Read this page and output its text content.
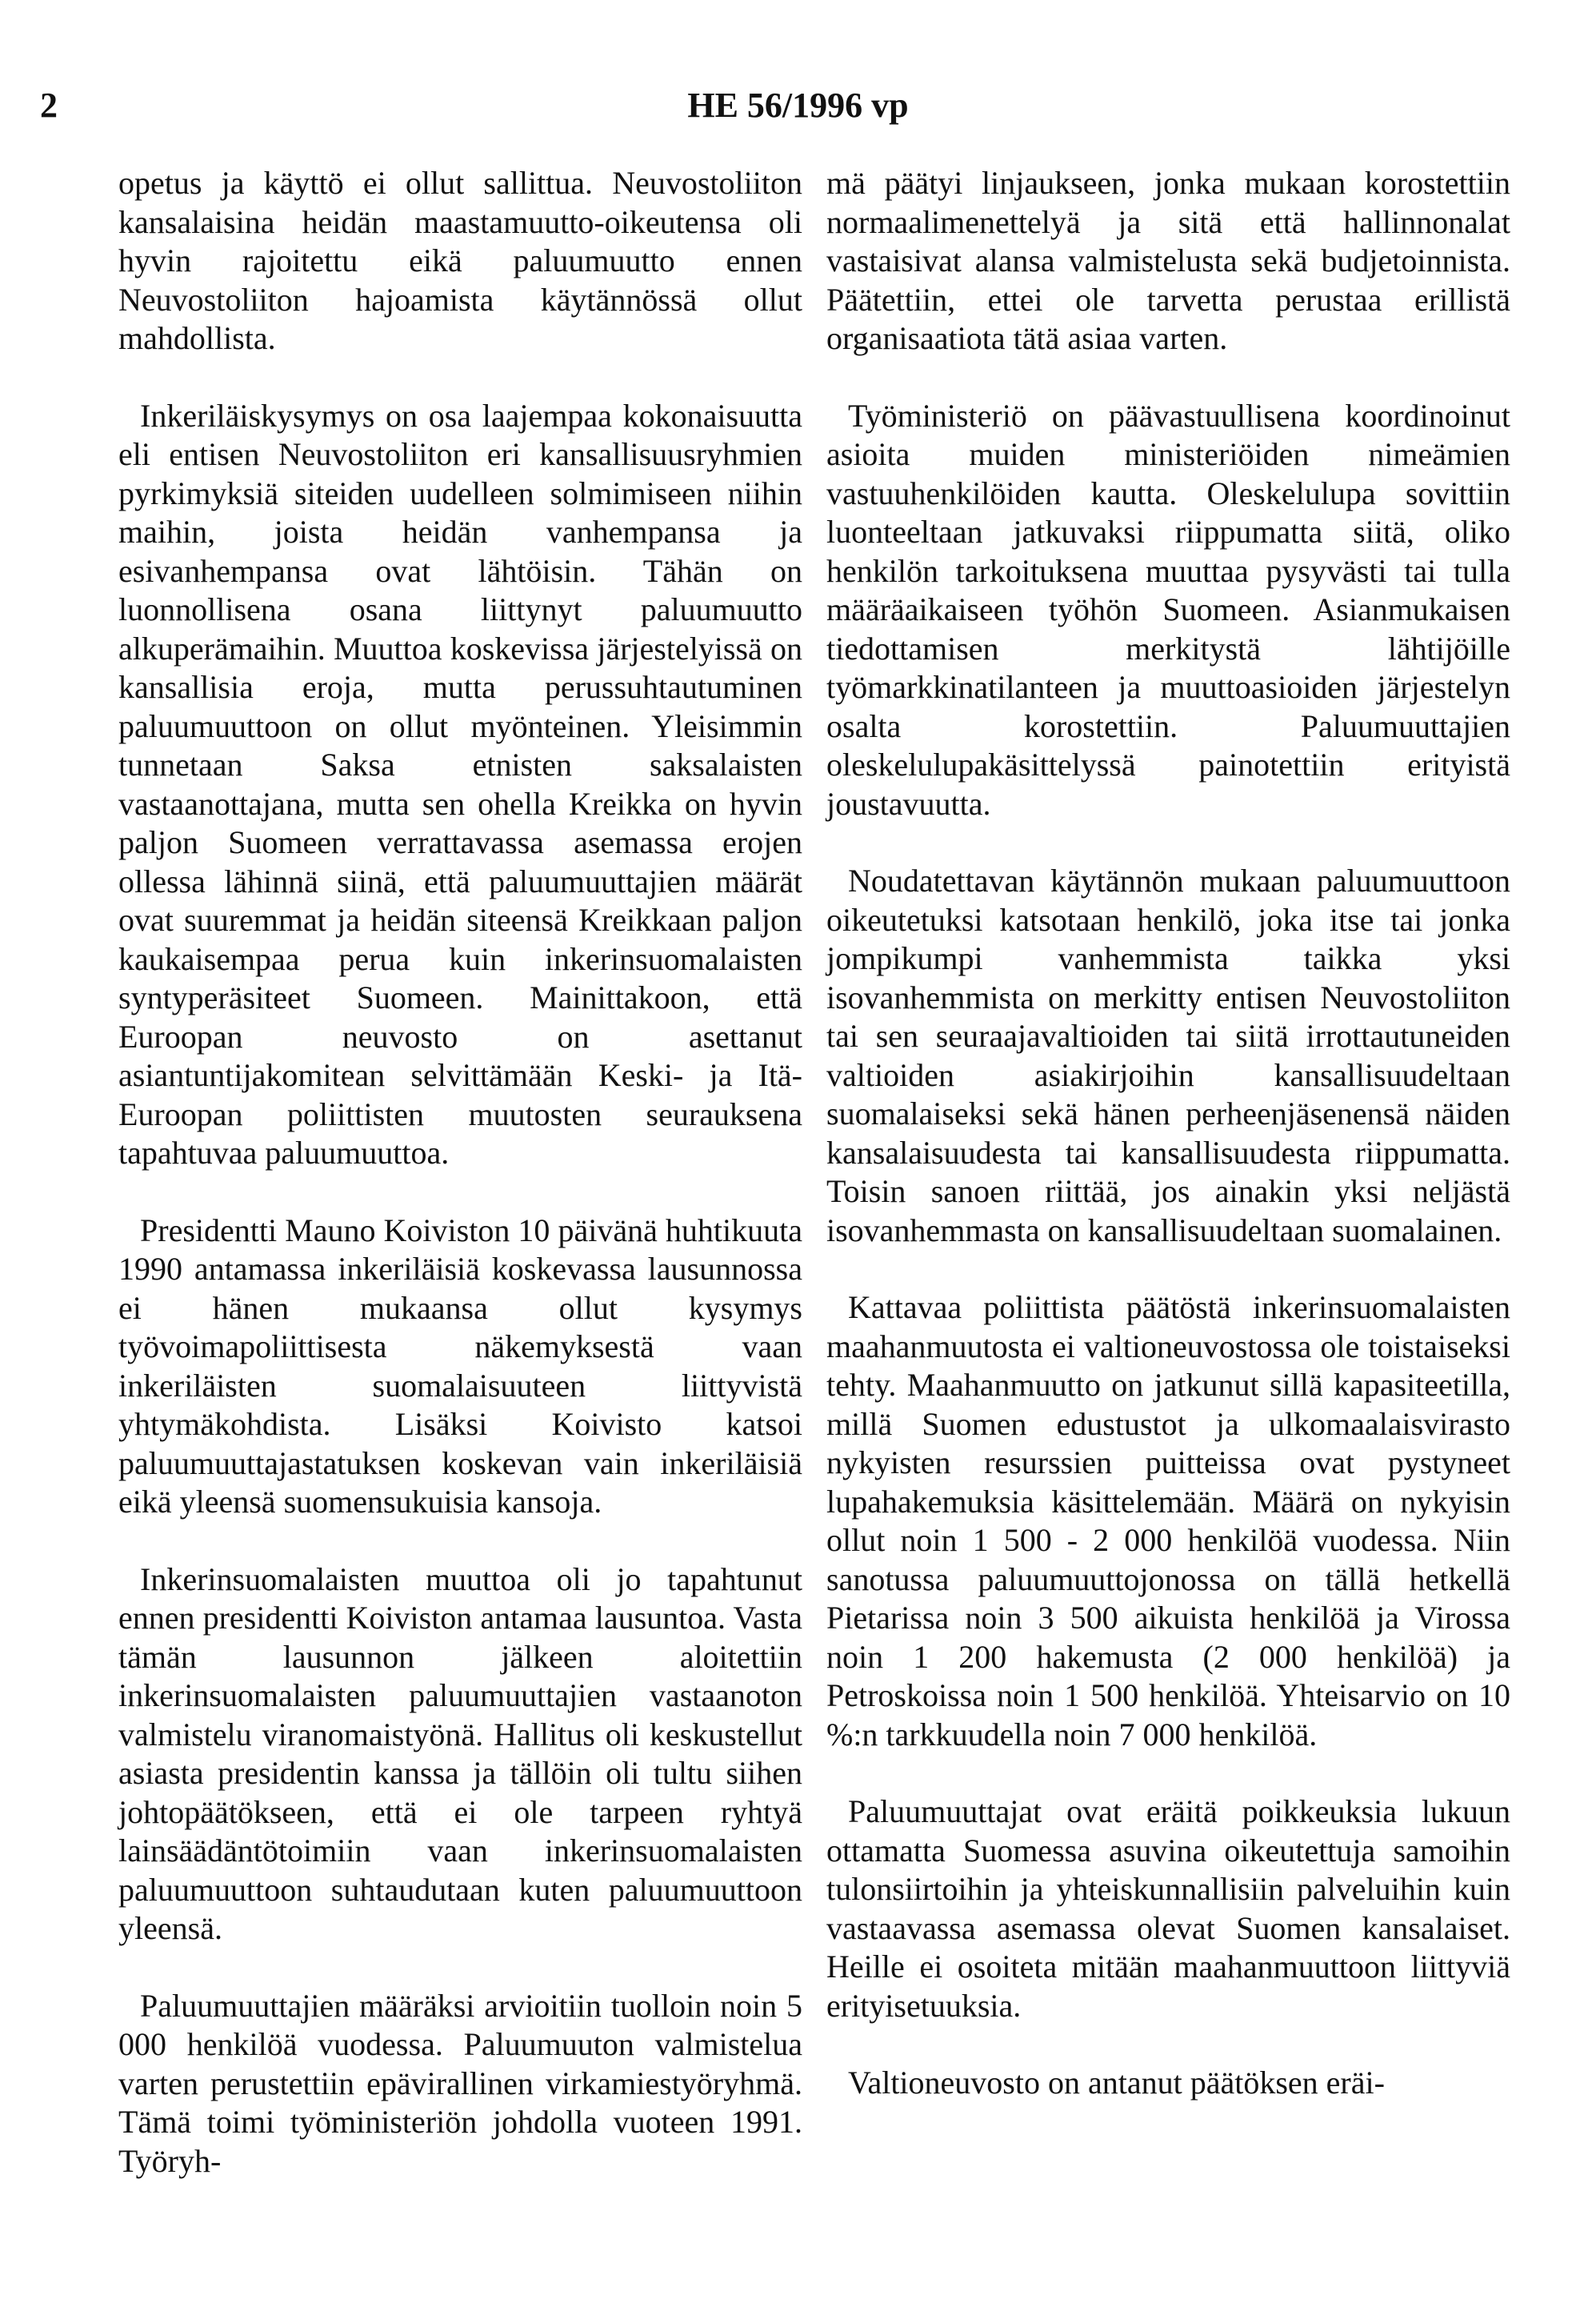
2	HE 56/1996 vp

opetus ja käyttö ei ollut sallittua. Neuvostoliiton kansalaisina heidän maastamuutto-oikeutensa oli hyvin rajoitettu eikä paluumuutto ennen Neuvostoliiton hajoamista käytännössä ollut mahdollista.

Inkeriläiskysymys on osa laajempaa kokonaisuutta eli entisen Neuvostoliiton eri kansallisuusryhmien pyrkimyksiä siteiden uudelleen solmimiseen niihin maihin, joista heidän vanhempansa ja esivanhempansa ovat lähtöisin. Tähän on luonnollisena osana liittynyt paluumuutto alkuperämaihin. Muuttoa koskevissa järjestelyissä on kansallisia eroja, mutta perussuhtautuminen paluumuuttoon on ollut myönteinen. Yleisimmin tunnetaan Saksa etnisten saksalaisten vastaanottajana, mutta sen ohella Kreikka on hyvin paljon Suomeen verrattavassa asemassa erojen ollessa lähinnä siinä, että paluumuuttajien määrät ovat suuremmat ja heidän siteensä Kreikkaan paljon kaukaisempaa perua kuin inkerinsuomalaisten syntyperäsiteet Suomeen. Mainittakoon, että Euroopan neuvosto on asettanut asiantuntijakomitean selvittämään Keski- ja Itä-Euroopan poliittisten muutosten seurauksena tapahtuvaa paluumuuttoa.

Presidentti Mauno Koiviston 10 päivänä huhtikuuta 1990 antamassa inkeriläisiä koskevassa lausunnossa ei hänen mukaansa ollut kysymys työvoimapoliittisesta näkemyksestä vaan inkeriläisten suomalaisuuteen liittyvistä yhtymäkohdista. Lisäksi Koivisto katsoi paluumuuttajastatuksen koskevan vain inkeriläisiä eikä yleensä suomensukuisia kansoja.

Inkerinsuomalaisten muuttoa oli jo tapahtunut ennen presidentti Koiviston antamaa lausuntoa. Vasta tämän lausunnon jälkeen aloitettiin inkerinsuomalaisten paluumuuttajien vastaanoton valmistelu viranomaistyönä. Hallitus oli keskustellut asiasta presidentin kanssa ja tällöin oli tultu siihen johtopäätökseen, että ei ole tarpeen ryhtyä lainsäädäntötoimiin vaan inkerinsuomalaisten paluumuuttoon suhtaudutaan kuten paluumuuttoon yleensä.

Paluumuuttajien määräksi arvioitiin tuolloin noin 5 000 henkilöä vuodessa. Paluumuuton valmistelua varten perustettiin epävirallinen virkamiestyöryhmä. Tämä toimi työministeriön johdolla vuoteen 1991. Työryh-

mä päätyi linjaukseen, jonka mukaan korostettiin normaalimenettelyä ja sitä että hallinnonalat vastaisivat alansa valmistelusta sekä budjetoinnista. Päätettiin, ettei ole tarvetta perustaa erillistä organisaatiota tätä asiaa varten.

Työministeriö on päävastuullisena koordinoinut asioita muiden ministeriöiden nimeämien vastuuhenkilöiden kautta. Oleskelulupa sovittiin luonteeltaan jatkuvaksi riippumatta siitä, oliko henkilön tarkoituksena muuttaa pysyvästi tai tulla määräaikaiseen työhön Suomeen. Asianmukaisen tiedottamisen merkitystä lähtijöille työmarkkinatilanteen ja muuttoasioiden järjestelyn osalta korostettiin. Paluumuuttajien oleskelulupakäsittelyssä painotettiin erityistä joustavuutta.

Noudatettavan käytännön mukaan paluumuuttoon oikeutetuksi katsotaan henkilö, joka itse tai jonka jompikumpi vanhemmista taikka yksi isovanhemmista on merkitty entisen Neuvostoliiton tai sen seuraajavaltioiden tai siitä irrottautuneiden valtioiden asiakirjoihin kansallisuudeltaan suomalaiseksi sekä hänen perheenjäsenensä näiden kansalaisuudesta tai kansallisuudesta riippumatta. Toisin sanoen riittää, jos ainakin yksi neljästä isovanhemmasta on kansallisuudeltaan suomalainen.

Kattavaa poliittista päätöstä inkerinsuomalaisten maahanmuutosta ei valtioneuvostossa ole toistaiseksi tehty. Maahanmuutto on jatkunut sillä kapasiteetilla, millä Suomen edustustot ja ulkomaalaisvirasto nykyisten resurssien puitteissa ovat pystyneet lupahakemuksia käsittelemään. Määrä on nykyisin ollut noin 1 500 - 2 000 henkilöä vuodessa. Niin sanotussa paluumuuttojonossa on tällä hetkellä Pietarissa noin 3 500 aikuista henkilöä ja Virossa noin 1 200 hakemusta (2 000 henkilöä) ja Petroskoissa noin 1 500 henkilöä. Yhteisarvio on 10 %:n tarkkuudella noin 7 000 henkilöä.

Paluumuuttajat ovat eräitä poikkeuksia lukuun ottamatta Suomessa asuvina oikeutettuja samoihin tulonsiirtoihin ja yhteiskunnallisiin palveluihin kuin vastaavassa asemassa olevat Suomen kansalaiset. Heille ei osoiteta mitään maahanmuuttoon liittyviä erityisetuuksia.

Valtioneuvosto on antanut päätöksen eräi-
